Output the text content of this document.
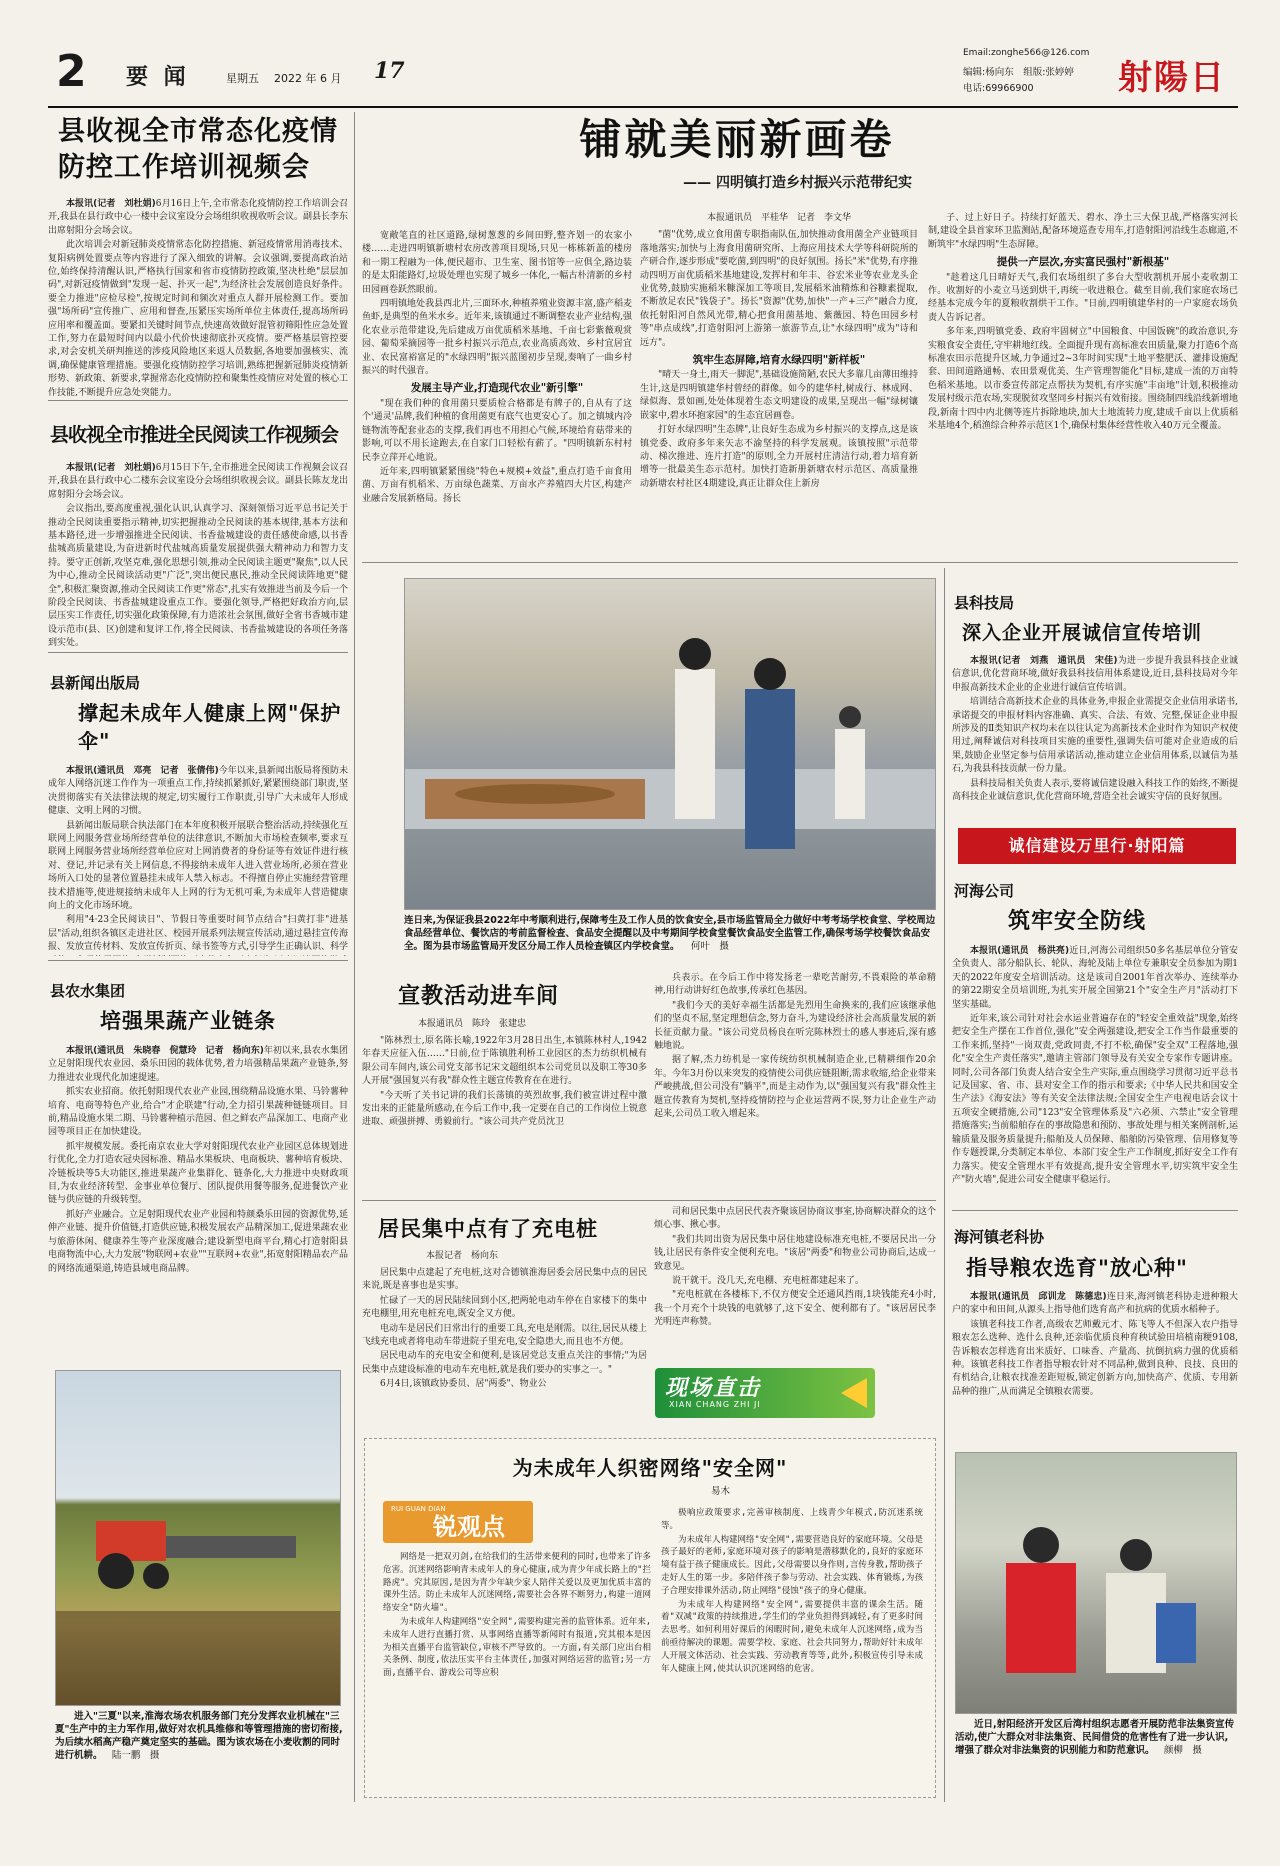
2 要 闻	星期五 2022 年 6 月 17
Email:zonghe566@126.com
编辑:杨向东　组版:张婷婷
电话:69966900 射陽日
县收视全市常态化疫情
防控工作培训视频会

本报讯(记者　刘杜娟)6月16日上午,全市常态化疫情防控工作培训会召开,我县在县行政中心一楼中会议室设分会场组织收视收听会议。副县长李东出席射阳分会场会议。

此次培训会对新冠肺炎疫情常态化防控措施、新冠疫情常用消毒技术、复阳病例处置要点等内容进行了深入细致的讲解。会议强调,要提高政治站位,始终保持清醒认识,严格执行国家和省市疫情防控政策,坚决杜绝"层层加码",对新冠疫情做到"发现一起、扑灭一起",为经济社会发展创造良好条件。要全力推进"应检尽检",按规定时间和频次对重点人群开展检测工作。要加强"场所码"宣传推广、应用和督查,压紧压实场所单位主体责任,提高场所码应用率和覆盖面。要紧扣关键时间节点,快速高效做好混管初筛阳性应急处置工作,努力在最短时间内以最小代价快速彻底扑灭疫情。要严格基层管控要求,对会安机关研判推送的涉疫风险地区来返人员数据,各地要加强核实、流调,确保健康管理措施。要强化疫情防控学习培训,熟练把握新冠肺炎疫情新形势、新政策、新要求,掌握常态化疫情防控和聚集性疫情应对处置的核心工作技能,不断提升应急处突能力。

县收视全市推进全民阅读工作视频会

本报讯(记者　刘杜娟)6月15日下午,全市推进全民阅读工作视频会议召开,我县在县行政中心二楼东会议室设分会场组织收视会议。副县长陈友龙出席射阳分会场会议。

会议指出,要高度重视,强化认识,认真学习、深刻领悟习近平总书记关于推动全民阅读重要指示精神,切实把握推动全民阅读的基本规律,基本方法和基本路径,进一步增强推进全民阅读、书香盐城建设的责任感使命感,以书香盐城高质量建设,为奋进新时代盐城高质量发展提供强大精神动力和智力支持。要守正创新,攻坚克难,强化思想引领,推动全民阅读主题更"聚焦",以人民为中心,推动全民阅读活动更"广泛",突出便民惠民,推动全民阅读阵地更"健全",积极汇聚资源,推动全民阅读工作更"常态",扎实有效推进当前及今后一个阶段全民阅读、书香盐城建设重点工作。要强化领导,严格把好政治方向,层层压实工作责任,切实强化政策保障,有力造浓社会氛围,做好全省书香城市建设示范市(县、区)创建和复评工作,将全民阅读、书香盐城建设的各项任务落到实处。

县新闻出版局
撑起未成年人健康上网"保护伞"

本报讯(通讯员　邓亮　记者　张倩伟)今年以来,县新闻出版局将预防未成年人网络沉迷工作作为一项重点工作,持续抓紧抓好,紧紧围绕部门职责,坚决贯彻落实有关法律法规的规定,切实履行工作职责,引导广大未成年人形成健康、文明上网的习惯。

县新闻出版局联合执法部门在本年度积极开展联合整治活动,持续强化互联网上网服务营业场所经营单位的法律意识,不断加大市场检查频率,要求互联网上网服务营业场所经营单位应对上网消费者的身份证等有效证件进行核对、登记,并记录有关上网信息,不得接纳未成年人进入营业场所,必须在营业场所入口处的显著位置悬挂未成年人禁入标志。不得擅自停止实施经营管理技术措施等,使进规接纳未成年人上网的行为无机可乘,为未成年人营造健康向上的文化市场环境。

利用"4·23全民阅读日"、节假日等重要时间节点结合"扫黄打非"进基层"活动,组织各镇区走进社区、校园开展系列法规宣传活动,通过悬挂宣传海报、发放宣传材料、发放宣传折页、绿书签等方式,引导学生正确认识、科学

县农水集团
培强果蔬产业链条

本报讯(通讯员　朱晓春　倪慧玲　记者　杨向东)年初以来,县农水集团立足射阳现代农业园、桑乐田园的载体优势,着力培强精品果蔬产业链条,努力推进农业现代化加速提速。

抓实农业招商。依托射阳现代农业产业园,围绕精品设施水果、马铃薯种培育、电商等特色产业,给合"才企联建"行动,全力招引果蔬种链链项目。目前,精品设施水果二期、马铃薯种植示范园、但之鲜农产品深加工、电商产业园等项目正在加快建设。

抓牢规模发展。委托南京农业大学对射阳现代农业产业园区总体规划进行优化,全力打造农冠央园标准、精品水果板块、电商板块、薯种培育板块、冷链板块等5大功能区,推进果蔬产业集群化、链条化,大力推进中央财政项目,为农业经济转型、金事业单位餐厅、团队提供用餐等服务,促进餐饮产业链与供应链的升级转型。

抓好产业融合。立足射阳现代农业产业园和特颜桑乐田园的资源优势,延伸产业链、提升价值链,打造供应链,积极发展农产品精深加工,促进果蔬农业与旅游休闲、健康养生等产业深度融合;建设新型电商平台,精心打造射阳县电商物流中心,大力发展"物联网+农业""互联网+农业",拓宽射阳精品农产品的网络流通渠道,铸造县域电商品牌。

进入"三夏"以来,淮海农场农机服务部门充分发挥农业机械在"三夏"生产中的主力军作用,做好对农机具维修和等管理措施的密切衔接,为后续水稻高产稳产奠定坚实的基础。图为该农场在小麦收割的同时进行机耕。 陆一鹏　摄
铺就美丽新画卷
—— 四明镇打造乡村振兴示范带纪实

宽敞笔直的社区道路,绿树葱葱的乡间田野,整齐划一的农家小楼……走进四明镇新塘村农房改善项目现场,只见一栋栋新盖的楼房和一期工程融为一体,便民超市、卫生室、图书馆等一应俱全,路边装的是太阳能路灯,垃圾处理也实现了城乡一体化,一幅古朴清新的乡村田园画卷跃然眼前。

四明镇地处我县西北片,三面环水,种植养殖业资源丰富,盛产稻麦鱼虾,是典型的鱼米水乡。近年来,该镇通过不断调整农业产业结构,强化农业示范带建设,先后建成万亩优质稻米基地、千亩七彩紫薇观赏园、葡萄采摘园等一批乡村振兴示范点,农业高质高效、乡村宜居宜业、农民富裕富足的"水绿四明"振兴蓝图初步呈现,奏响了一曲乡村振兴的时代强音。

发展主导产业,打造现代农业"新引擎"

"现在我们种的食用菌只要质检合格都是有牌子的,自从有了这个'通灵'品牌,我们种植的食用菌更有底气也更安心了。加之镇城内冷链物流等配套业态的支撑,我们再也不用担心气候,环境给育菇带来的影响,可以不用长途跑去,在自家门口轻松有薪了。"四明镇新东村村民李立萍开心地说。

近年来,四明镇紧紧围绕"特色+规模+效益",重点打造千亩食用菌、万亩有机稻米、万亩绿色蔬菜、万亩水产养殖四大片区,构建产业融合发展新格局。扬长

本报通讯员　平桂华　记者　李文华

"菌"优势,成立食用菌专职指南队伍,加快推动食用菌全产业链项目落地落实;加快与上海食用菌研究所、上海应用技术大学等科研院所的产研合作,逐步形成"要吃菌,到四明"的良好氛围。扬长"米"优势,有序推动四明万亩优质稻米基地建设,发挥村和年丰、谷宏米业等农业龙头企业优势,鼓励实施稻米糠深加工等项目,发展稻米油精炼和谷糠素提取,不断放足农民"钱袋子"。扬长"资源"优势,加快"一产+三产"融合力度,依托射阳河自然风光带,精心把食用菌基地、紫薇园、特色田园乡村等"串点成线",打造射阳河上游第一旅游节点,让"水绿四明"成为"诗和远方"。

筑牢生态屏障,培育水绿四明"新样板"

"晴天一身土,雨天一脚泥",基础设施简陋,农民大多靠几亩薄田维持生计,这是四明镇建华村曾经的群像。如今的建华村,树成行、林成网、绿似海、景如画,处处体现着生态文明建设的成果,呈现出一幅"绿树镶嵌家中,碧水环抱家园"的生态宜居画卷。

打好水绿四明"生态牌",让良好生态成为乡村振兴的支撑点,这是该镇党委、政府多年来矢志不渝坚持的科学发展观。该镇按照"示范带动、梯次推进、连片打造"的原则,全力开展村庄清洁行动,着力培育新增等一批最美生态示范村。加快打造新册新塘农村示范区、高质量推动新塘农村社区4期建设,真正让群众住上新房

子、过上好日子。持续打好蓝天、碧水、净土三大保卫战,严格落实河长制,建设全县首家环卫监测站,配备环境巡查专用车,打造射阳河沿线生态廊道,不断筑牢"水绿四明"生态屏障。

提供一产层次,夯实富民强村"新根基"

"趁着这几日晴好天气,我们农场组织了多台大型收割机开展小麦收割工作。收割好的小麦立马送到烘干,再统一收进粮仓。截至目前,我们家庭农场已经基本完成今年的夏粮收割烘干工作。"日前,四明镇建华村的一户家庭农场负责人告诉记者。

多年来,四明镇党委、政府牢固树立"中国粮食、中国饭碗"的政治意识,夯实粮食安全责任,守牢耕地红线。全面提升现有高标准农田质量,聚力打造6个高标准农田示范提升区域,力争通过2~3年时间实现"土地平整肥沃、灌排设施配套、田间道路通畅、农田景观优美、生产管理智能化"目标,建成一流的万亩特色稻米基地。以市委宣传部定点帮扶为契机,有序实施"丰亩地"计划,积极推动发展村级示范农场,实现脱贫攻坚同乡村振兴有效衔接。围绕制四线沿线新增地段,新南十四中内北侧等连片拆除地块,加大土地流转力度,建成千亩以上优质稻米基地4个,稻渔综合种养示范区1个,确保村集体经营性收入40万元全覆盖。

连日来,为保证我县2022年中考顺利进行,保障考生及工作人员的饮食安全,县市场监管局全力做好中考考场学校食堂、学校周边食品经营单位、餐饮店的考前监督检查、食品安全提醒以及中考期间学校食堂餐饮食品安全监管工作,确保考场学校餐饮食品安全。图为县市场监管局开发区分局工作人员检查镇区内学校食堂。 何叶　摄
宣教活动进车间
本报通讯员　陈玲　张建忠

"陈林烈士,原名陈长喻,1922年3月28日出生,本镇陈林村人,1942年春天应征入伍……"日前,位于陈镇胜利桥工业园区的杰力纺织机械有限公司车间内,该公司党支部书记宋文超组织本公司党员以及职工等30多人开展"强国复兴有我"群众性主题宣传教育在在进行。

"今天听了关书记讲的我们长荡镇的英烈故事,我们被宣讲过程中激发出来的正能量所感动,在今后工作中,我一定要在自己的工作岗位上锐意进取、顽强拼搏、勇毅前行。"该公司共产党员沈卫

兵表示。在今后工作中将发扬老一辈吃苦耐劳,不畏艰险的革命精神,用行动讲好红色故事,传承红色基因。

"我们今天的美好幸福生活都是先烈用生命换来的,我们应该继承他们的坚贞不屈,坚定理想信念,努力奋斗,为建设经济社会高质量发展的新长征贡献力量。"该公司党员杨良在听完陈林烈士的感人事迹后,深有感触地说。

据了解,杰力纺机是一家传统纺织机械制造企业,已精耕细作20余年。今年3月份以来突发的疫情使公司供应链阻断,需求收缩,给企业带来严峻挑战,但公司没有"躺平",而是主动作为,以"强国复兴有我"群众性主题宣传教育为契机,坚持疫情防控与企业运营两不误,努力让企业生产动起来,公司员工收入增起来。

居民集中点有了充电桩
本报记者　杨向东

居民集中点建起了充电桩,这对合德镇淮海居委会居民集中点的居民来说,既是喜事也是实事。

忙碌了一天的居民陆续回到小区,把两轮电动车停在自家楼下的集中充电棚里,用充电桩充电,既安全又方便。

电动车是居民们日常出行的重要工具,充电是刚需。以往,居民从楼上飞线充电或者将电动车带进院子里充电,安全隐患大,而且也不方便。

居民电动车的充电安全和便利,是该居党总支重点关注的事情;"为居民集中点建设标准的电动车充电桩,就是我们要办的实事之一。"

6月4日,该镇政协委员、居"两委"、物业公

司和居民集中点居民代表齐聚该居协商议事室,协商解决群众的这个烦心事、揪心事。

"我们共同出资为居民集中居住地建设标准充电桩,不要居民出一分钱,让居民有条件安全便利充电。"该居"两委"和物业公司协商后,达成一致意见。

说干就干。没几天,充电棚、充电桩都建起来了。

"充电桩就在各楼栋下,不仅方便安全还通风挡雨,1块钱能充4小时,我一个月充个十块钱的电就够了,这下安全、便利都有了。"该居居民李光明连声称赞。

现场直击
XIAN CHANG ZHI JI
为未成年人织密网络"安全网"
易木
RUI GUAN DIAN
锐观点

网络是一把双刃剑,在给我们的生活带来便利的同时,也带来了许多危害。沉迷网络影响青未成年人的身心健康,成为青少年成长路上的"拦路虎"。究其原因,是因为青少年缺少家人陪伴关爱以及更加优质丰富的课外生活。防止未成年人沉迷网络,需要社会各界不断努力,构建一道网络安全"防火墙"。

为未成年人构建网络"安全网",需要构建完善的监管体系。近年来,未成年人进行直播打赏、从事网络直播等新闻时有报道,究其根本是因为相关直播平台监管缺位,审核不严导致的。一方面,有关部门应出台相关条例、制度,依法压实平台主体责任,加强对网络运营的监管;另一方面,直播平台、游戏公司等应积

极响应政策要求,完善审核制度、上线青少年模式,防沉迷系统等。

为未成年人构建网络"安全网",需要营造良好的家庭环境。父母是孩子最好的老师,家庭环境对孩子的影响是潜移默化的,良好的家庭环境有益于孩子健康成长。因此,父母需要以身作则,言传身教,帮助孩子走好人生的第一步。多陪伴孩子参与劳动、社会实践、体育锻炼,为孩子合理安排课外活动,防止网络"侵蚀"孩子的身心健康。

为未成年人构建网络"安全网",需要提供丰富的课余生活。随着"双减"政策的持续推进,学生们的学业负担得到减轻,有了更多时间去思考。如何利用好课后的闲暇时间,避免未成年人沉迷网络,成为当前亟待解决的课题。需要学校、家庭、社会共同努力,帮助好针未成年人开展文体活动、社会实践、劳动教育等等,此外,积极宣传引导未成年人健康上网,使其认识沉迷网络的危害。

县科技局
深入企业开展诚信宣传培训

本报讯(记者　刘燕　通讯员　宋佳)为进一步提升我县科技企业诚信意识,优化营商环境,做好我县科技信用体系建设,近日,县科技局对今年申报高新技术企业的企业进行诚信宣传培训。

培训结合高新技术企业的具体业务,申报企业需提交企业信用承诺书,承诺提交的申报材料内容准确、真实、合法、有效、完整,保证企业申报所涉及的Ⅱ类知识产权均未在以往认定为高新技术企业时作为知识产权使用过,阐释诚信对科技项目实施的重要性,强调失信可能对企业造成的后果,鼓励企业坚定参与信用承诺活动,推动建立企业信用体系,以诚信为基石,为我县科技贡献一份力量。

县科技局相关负责人表示,要将诚信建设融入科技工作的始终,不断提高科技企业诚信意识,优化营商环境,营造全社会诚实守信的良好氛围。

诚信建设万里行·射阳篇
河海公司
筑牢安全防线

本报讯(通讯员　杨洪亮)近日,河海公司组织50多名基层单位分管安全负责人、部分船队长、轮队、海轮及陆上单位专兼职安全员参加为期1天的2022年度安全培训活动。这是该司自2001年首次举办、连续举办的第22期安全员培训班,为扎实开展全国第21个"安全生产月"活动打下坚实基础。

近年来,该公司针对社会水运业普遍存在的"轻安全重效益"现象,始终把安全生产摆在工作首位,强化"安全两强建设,把安全工作当作最重要的工作来抓,坚持"一岗双责,党政同责,不打不松,确保"安全双"工程落地,强化"安全生产责任落实",邀请主管部门领导及有关安全专家作专题讲座。同时,公司各部门负责人结合安全生产实际,重点围绕学习贯彻习近平总书记及国家、省、市、县对安全工作的指示和要求;《中华人民共和国安全生产法》《海安法》等有关安全法律法规;全国安全生产电视电话会议十五项安全硬措施,公司"123"安全管理体系及"六必须、六禁止"安全管理措施落实;当前船舶存在的事故隐患和预防、事故处理与相关案例剖析,运输质量及服务质量提升;船舶及人员保障、船舶防污染管理、信用修复等作专题授课,分类制定本单位、本部门安全生产工作制度,抓好安全工作有力落实。使安全管理水平有效提高,提升安全管理水平,切实筑牢安全生产"防火墙",促进公司安全健康平稳运行。

海河镇老科协
指导粮农选育"放心种"

本报讯(通讯员　邱训龙　陈德忠)连日来,海河镇老科协走进种粮大户的家中和田间,从源头上指导他们选育高产和抗病的优质水稻种子。

该镇老科技工作者,高级农艺师戴元才、陈飞等人不但深入农户指导粮农怎么选种、选什么良种,还亲临优质良种育秧试验田培植南粳9108,告诉粮农怎样选育出米质好、口味香、产量高、抗倒抗病力强的优质稻种。该镇老科技工作者指导粮农针对不同品种,做到良种、良技、良田的有机结合,让粮农找准差距短板,锁定创新方向,加快高产、优质、专用新品种的推广,从而满足全镇粮农需要。

近日,射阳经济开发区后湾村组织志愿者开展防范非法集资宣传活动,使广大群众对非法集资、民间借贷的危害性有了进一步认识,增强了群众对非法集资的识别能力和防范意识。 颜柳　摄
